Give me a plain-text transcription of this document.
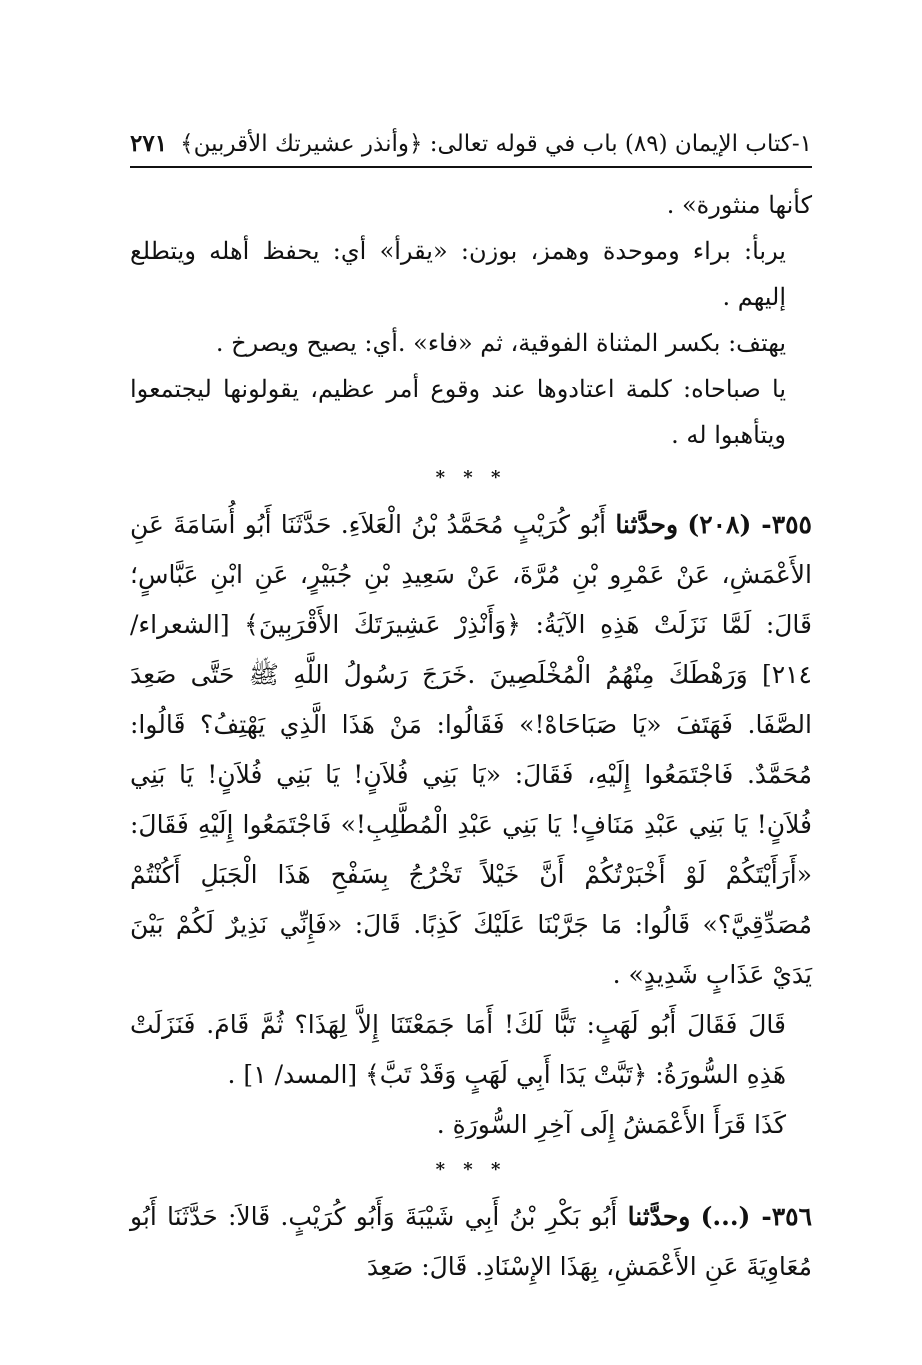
١-كتاب الإيمان (٨٩) باب في قوله تعالى: ﴿وأنذر عشيرتك الأقربين﴾
٢٧١

كأنها منثورة» .

يربأ: براء وموحدة وهمز، بوزن: «يقرأ» أي: يحفظ أهله ويتطلع إليهم .

يهتف: بكسر المثناة الفوقية، ثم «فاء» .أي: يصيح ويصرخ .

يا صباحاه: كلمة اعتادوها عند وقوع أمر عظيم، يقولونها ليجتمعوا ويتأهبوا له .

* * *

٣٥٥- (٢٠٨) وحدَّثنا أَبُو كُرَيْبٍ مُحَمَّدُ بْنُ الْعَلاَءِ. حَدَّثَنَا أَبُو أُسَامَةَ عَنِ الأَعْمَشِ، عَنْ عَمْرِو بْنِ مُرَّةَ، عَنْ سَعِيدِ بْنِ جُبَيْرٍ، عَنِ ابْنِ عَبَّاسٍ؛ قَالَ: لَمَّا نَزَلَتْ هَذِهِ الآيَةُ: ﴿وَأَنْذِرْ عَشِيرَتَكَ الأَقْرَبِينَ﴾ [الشعراء/ ٢١٤] وَرَهْطَكَ مِنْهُمُ الْمُخْلَصِينَ .خَرَجَ رَسُولُ اللَّهِ ﷺ حَتَّى صَعِدَ الصَّفَا. فَهَتَفَ «يَا صَبَاحَاهْ!» فَقَالُوا: مَنْ هَذَا الَّذِي يَهْتِفُ؟ قَالُوا: مُحَمَّدٌ. فَاجْتَمَعُوا إِلَيْهِ، فَقَالَ: «يَا بَنِي فُلاَنٍ! يَا بَنِي فُلاَنٍ! يَا بَنِي فُلاَنٍ! يَا بَنِي عَبْدِ مَنَافٍ! يَا بَنِي عَبْدِ الْمُطَّلِبِ!» فَاجْتَمَعُوا إِلَيْهِ فَقَالَ: «أَرَأَيْتَكُمْ لَوْ أَخْبَرْتُكُمْ أَنَّ خَيْلاً تَخْرُجُ بِسَفْحِ هَذَا الْجَبَلِ أَكُنْتُمْ مُصَدِّقِيَّ؟» قَالُوا: مَا جَرَّبْنَا عَلَيْكَ كَذِبًا. قَالَ: «فَإِنِّي نَذِيرٌ لَكُمْ بَيْنَ يَدَيْ عَذَابٍ شَدِيدٍ» .

قَالَ فَقَالَ أَبُو لَهَبٍ: تَبًّا لَكَ! أَمَا جَمَعْتَنَا إِلاَّ لِهَذَا؟ ثُمَّ قَامَ. فَنَزَلَتْ هَذِهِ السُّورَةُ: ﴿تَبَّتْ يَدَا أَبِي لَهَبٍ وَقَدْ تَبَّ﴾ [المسد/ ١] .

كَذَا قَرَأَ الأَعْمَشُ إِلَى آخِرِ السُّورَةِ .

* * *

٣٥٦- (...) وحدَّثنا أَبُو بَكْرِ بْنُ أَبِي شَيْبَةَ وَأَبُو كُرَيْبٍ. قَالاَ: حَدَّثَنَا أَبُو مُعَاوِيَةَ عَنِ الأَعْمَشِ، بِهَذَا الإِسْنَادِ. قَالَ: صَعِدَ
